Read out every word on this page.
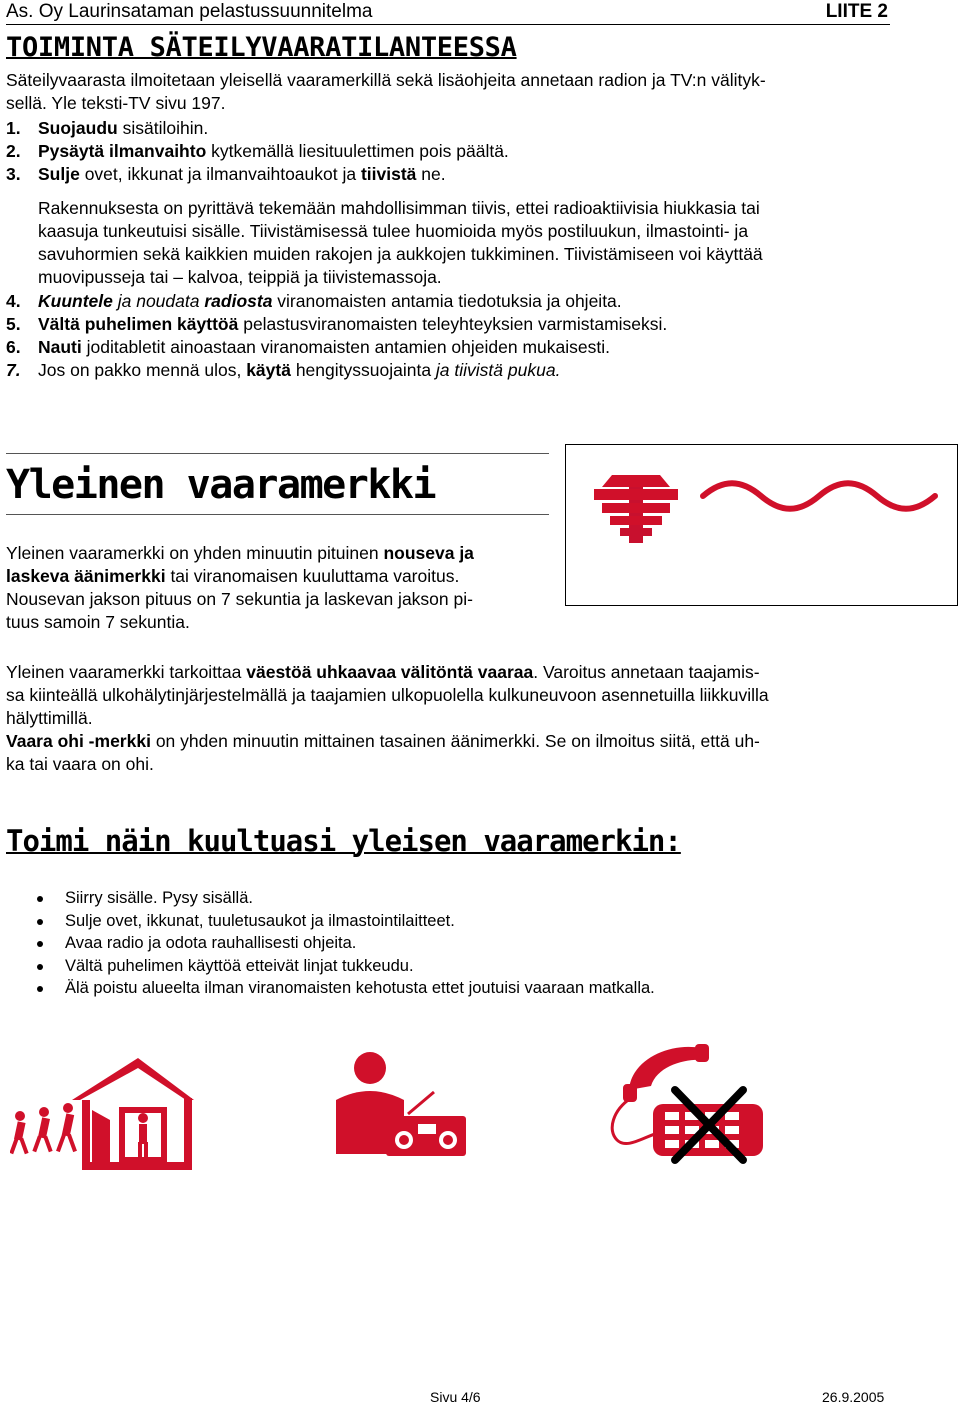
As. Oy Laurinsataman pelastussuunnitelma	LIITE 2
TOIMINTA SÄTEILYVAARATILANTEESSA
Säteilyvaarasta ilmoitetaan yleisellä vaaramerkillä sekä lisäohjeita annetaan radion ja TV:n välityk-
sellä. Yle teksti-TV sivu 197.
1. Suojaudu sisätiloihin.
2. Pysäytä ilmanvaihto kytkemällä liesituulettimen pois päältä.
3. Sulje ovet, ikkunat ja ilmanvaihtoaukot ja tiivistä ne.
Rakennuksesta on pyrittävä tekemään mahdollisimman tiivis, ettei radioaktiivisia hiukkasia tai
kaasuja tunkeutuisi sisälle. Tiivistämisessä tulee huomioida myös postiluukun, ilmastointi- ja
savuhormien sekä kaikkien muiden rakojen ja aukkojen tukkiminen. Tiivistämiseen voi käyttää
muovipusseja tai – kalvoa, teippiä ja tiivistemassoja.
4. Kuuntele ja noudata radiosta viranomaisten antamia tiedotuksia ja ohjeita.
5. Vältä puhelimen käyttöä pelastusviranomaisten teleyhteyksien varmistamiseksi.
6. Nauti joditabletit ainoastaan viranomaisten antamien ohjeiden mukaisesti.
7. Jos on pakko mennä ulos, käytä hengityssuojainta ja tiivistä pukua.
Yleinen vaaramerkki
Yleinen vaaramerkki on yhden minuutin pituinen nouseva ja
laskeva äänimerkki tai viranomaisen kuuluttama varoitus.
Nousevan jakson pituus on 7 sekuntia ja laskevan jakson pi-
tuus samoin 7 sekuntia.
Yleinen vaaramerkki tarkoittaa väestöä uhkaavaa välitöntä vaaraa. Varoitus annetaan taajamis-
sa kiinteällä ulkohälytinjärjestelmällä ja taajamien ulkopuolella kulkuneuvoon asennetuilla liikkuvilla
hälyttimillä.
Vaara ohi -merkki on yhden minuutin mittainen tasainen äänimerkki. Se on ilmoitus siitä, että uh-
ka tai vaara on ohi.
Toimi näin kuultuasi yleisen vaaramerkin:
Siirry sisälle. Pysy sisällä.
Sulje ovet, ikkunat, tuuletusaukot ja ilmastointilaitteet.
Avaa radio ja odota rauhallisesti ohjeita.
Vältä puhelimen käyttöä etteivät linjat tukkeudu.
Älä poistu alueelta ilman viranomaisten kehotusta ettet joutuisi vaaraan matkalla.
Sivu 4/6	26.9.2005
